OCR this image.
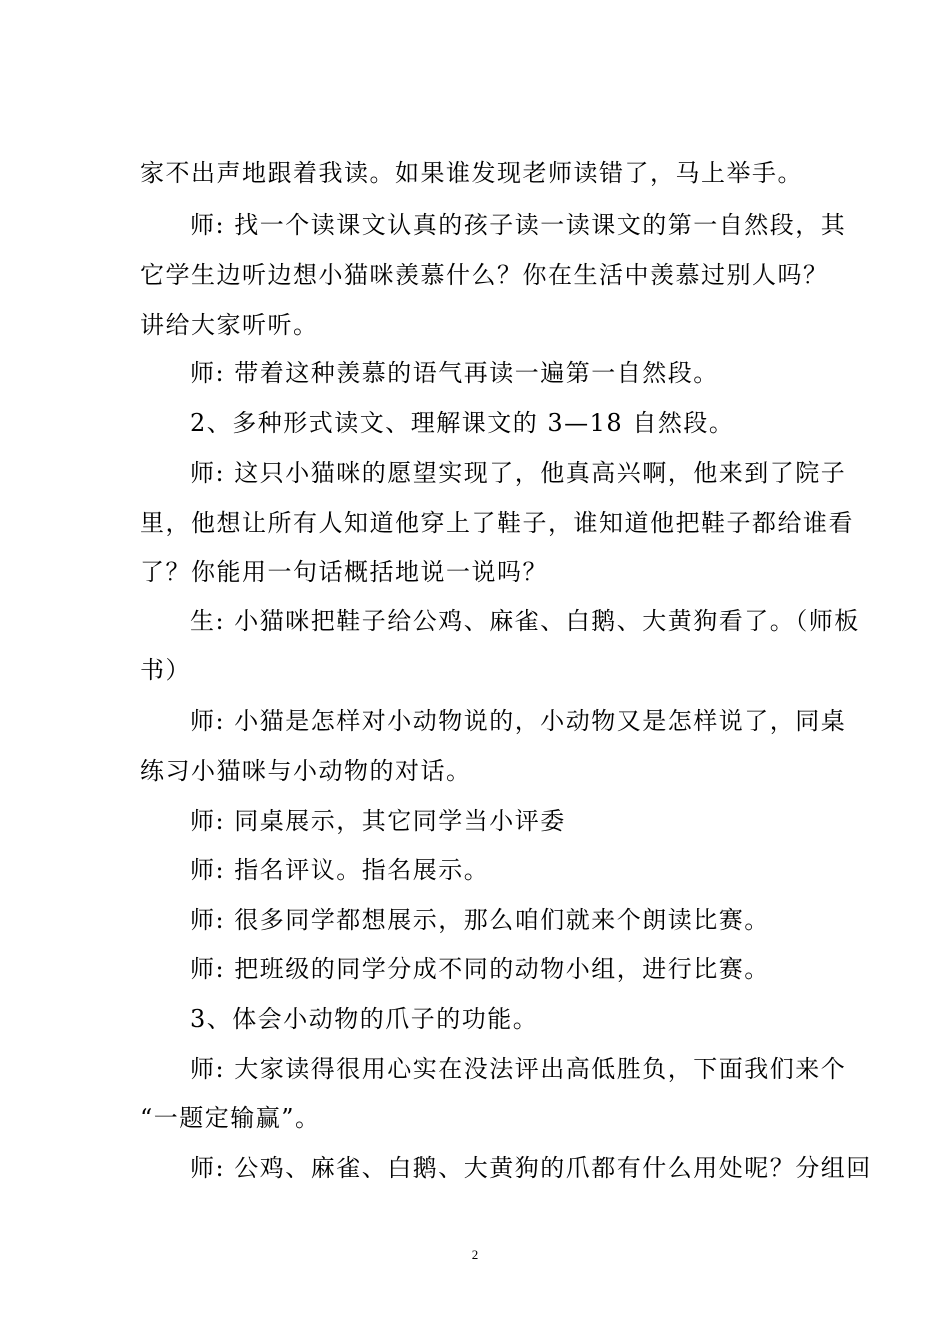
家不出声地跟着我读。如果谁发现老师读错了，马上举手。
师: 找一个读课文认真的孩子读一读课文的第一自然段，其
它学生边听边想小猫咪羡慕什么？你在生活中羡慕过别人吗？
讲给大家听听。
师: 带着这种羡慕的语气再读一遍第一自然段。
2、多种形式读文、理解课文的 3—18 自然段。
师: 这只小猫咪的愿望实现了，他真高兴啊，他来到了院子
里，他想让所有人知道他穿上了鞋子，谁知道他把鞋子都给谁看
了？你能用一句话概括地说一说吗？
生: 小猫咪把鞋子给公鸡、麻雀、白鹅、大黄狗看了。（师板
书）
师: 小猫是怎样对小动物说的，小动物又是怎样说了，同桌
练习小猫咪与小动物的对话。
师: 同桌展示，其它同学当小评委
师: 指名评议。指名展示。
师: 很多同学都想展示，那么咱们就来个朗读比赛。
师: 把班级的同学分成不同的动物小组，进行比赛。
3、体会小动物的爪子的功能。
师: 大家读得很用心实在没法评出高低胜负，下面我们来个
“一题定输赢”。
师: 公鸡、麻雀、白鹅、大黄狗的爪都有什么用处呢？分组回
2
